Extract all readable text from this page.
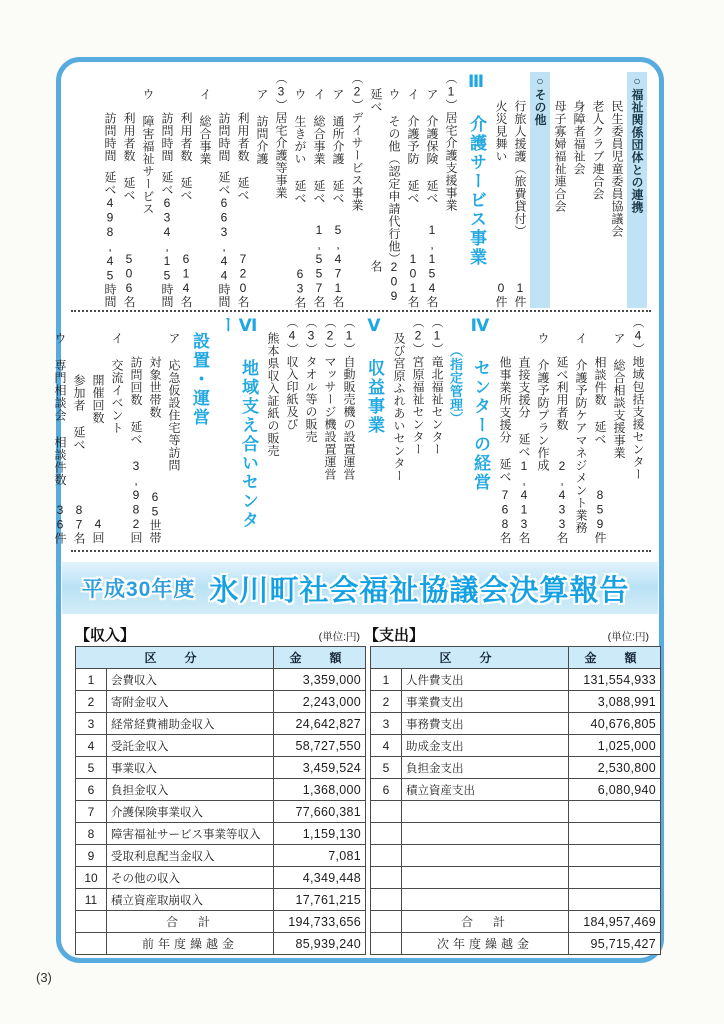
○福祉関係団体との連携
民生委員児童委員協議会
老人クラブ連合会
身障者福祉会
母子寡婦福祉連合会
○その他
行旅人援護（旅費貸付）
1件
火災見舞い
0件
Ⅲ 介護サービス事業
（1）居宅介護支援事業
ア 介護保険 延べ
1,154名
イ 介護予防 延べ
101名
ウ その他（認定申請代行他）延べ
209名
（2）デイサービス事業
ア 通所介護 延べ
5,471名
イ 総合事業 延べ
1,557名
ウ 生きがい 延べ
63名
（3）居宅介護等事業
ア 訪問介護
利用者数 延べ
720名
訪問時間
延べ663,44時間
イ 総合事業
利用者数 延べ
614名
訪問時間
延べ634,15時間
ウ 障害福祉サービス
利用者数 延べ
506名
訪問時間
延べ498,45時間
（4）地域包括支援センター
ア 総合相談支援事業
相談件数 延べ
859件
イ 介護予防ケアマネジメント業務
延べ利用者数
2,433名
ウ 介護予防プラン作成
直接支援分 延べ
1,413名
他事業所支援分 延べ
768名
Ⅳ センターの経営
（指定管理）
（1）竜北福祉センター
（2）宮原福祉センター
及び宮原ふれあいセンター
Ⅴ 収益事業
（1）自動販売機の設置運営
（2）マッサージ機設置運営
（3）タオル等の販売
（4）収入印紙及び
熊本県収入証紙の販売
Ⅵ 地域支え合いセンター
設置・運営
ア 応急仮設住宅等訪問
対象世帯数
65世帯
訪問回数 延べ
3,982回
イ 交流イベント
開催回数
4回
参加者 延べ
87名
ウ 専門相談会 相談件数
36件
平成30年度 氷川町社会福祉協議会決算報告
【収入】	(単位:円) 【支出】	(単位:円)
区　分		金　額
1	会費収入	3,359,000
2	寄附金収入	2,243,000
3	経常経費補助金収入	24,642,827
4	受託金収入	58,727,550
5	事業収入	3,459,524
6	負担金収入	1,368,000
7	介護保険事業収入	77,660,381
8	障害福祉サービス事業等収入	1,159,130
9	受取利息配当金収入	7,081
10	その他の収入	4,349,448
11	積立資産取崩収入	17,761,215
	合　計	194,733,656
	前年度繰越金	85,939,240
区　分		金　額
1	人件費支出	131,554,933
2	事業費支出	3,088,991
3	事務費支出	40,676,805
4	助成金支出	1,025,000
5	負担金支出	2,530,800
6	積立資産支出	6,080,940

	合　計	184,957,469
	次年度繰越金	95,715,427
(3)
